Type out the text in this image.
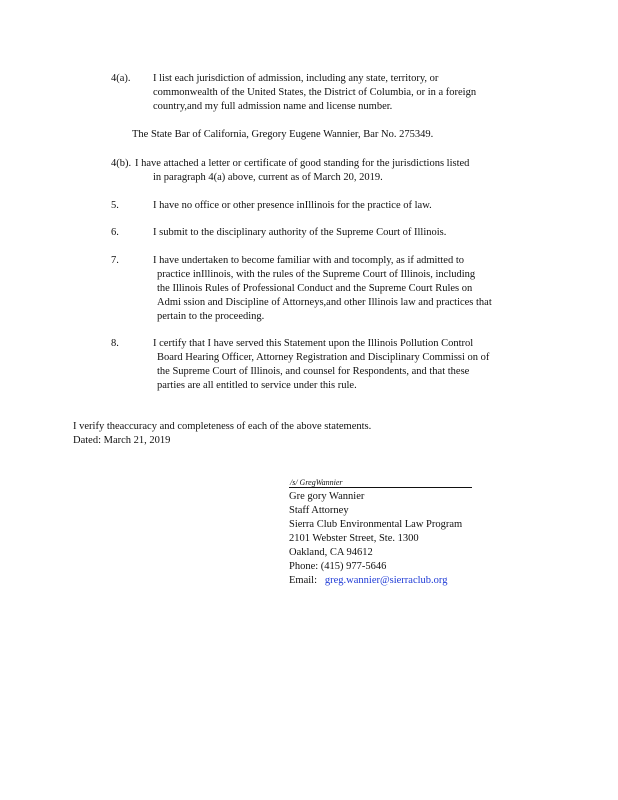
4(a). I list each jurisdiction of admission, including any state, territory, or
commonwealth of the United States, the District of Columbia, or in a foreign
country,and my full admission name and license number.
The State Bar of California, Gregory Eugene Wannier, Bar No. 275349.
4(b). I have attached a letter or certificate of good standing for the jurisdictions listed
in paragraph 4(a) above, current as of March 20, 2019.
5.	I have no office or other presence inIllinois for the practice of law.
6.	I submit to the disciplinary authority of the Supreme Court of Illinois.
7.	I have undertaken to become familiar with and tocomply, as if admitted to
practice inIllinois, with the rules of the Supreme Court of Illinois, including
the Illinois Rules of Professional Conduct and the Supreme Court Rules on
Admi ssion and Discipline of Attorneys,and other Illinois law and practices that
pertain to the proceeding.
8.	I certify that I have served this Statement upon the Illinois Pollution Control
Board Hearing Officer, Attorney Registration and Disciplinary Commissi on of
the Supreme Court of Illinois, and counsel for Respondents, and that these
parties are all entitled to service under this rule.
I verify theaccuracy and completeness of each of the above statements.
Dated: March 21, 2019
/s/ GregWannier
Gre gory Wannier
Staff Attorney
Sierra Club Environmental Law Program
2101 Webster Street, Ste. 1300
Oakland, CA 94612
Phone: (415) 977-5646
Email: greg.wannier@sierraclub.org
